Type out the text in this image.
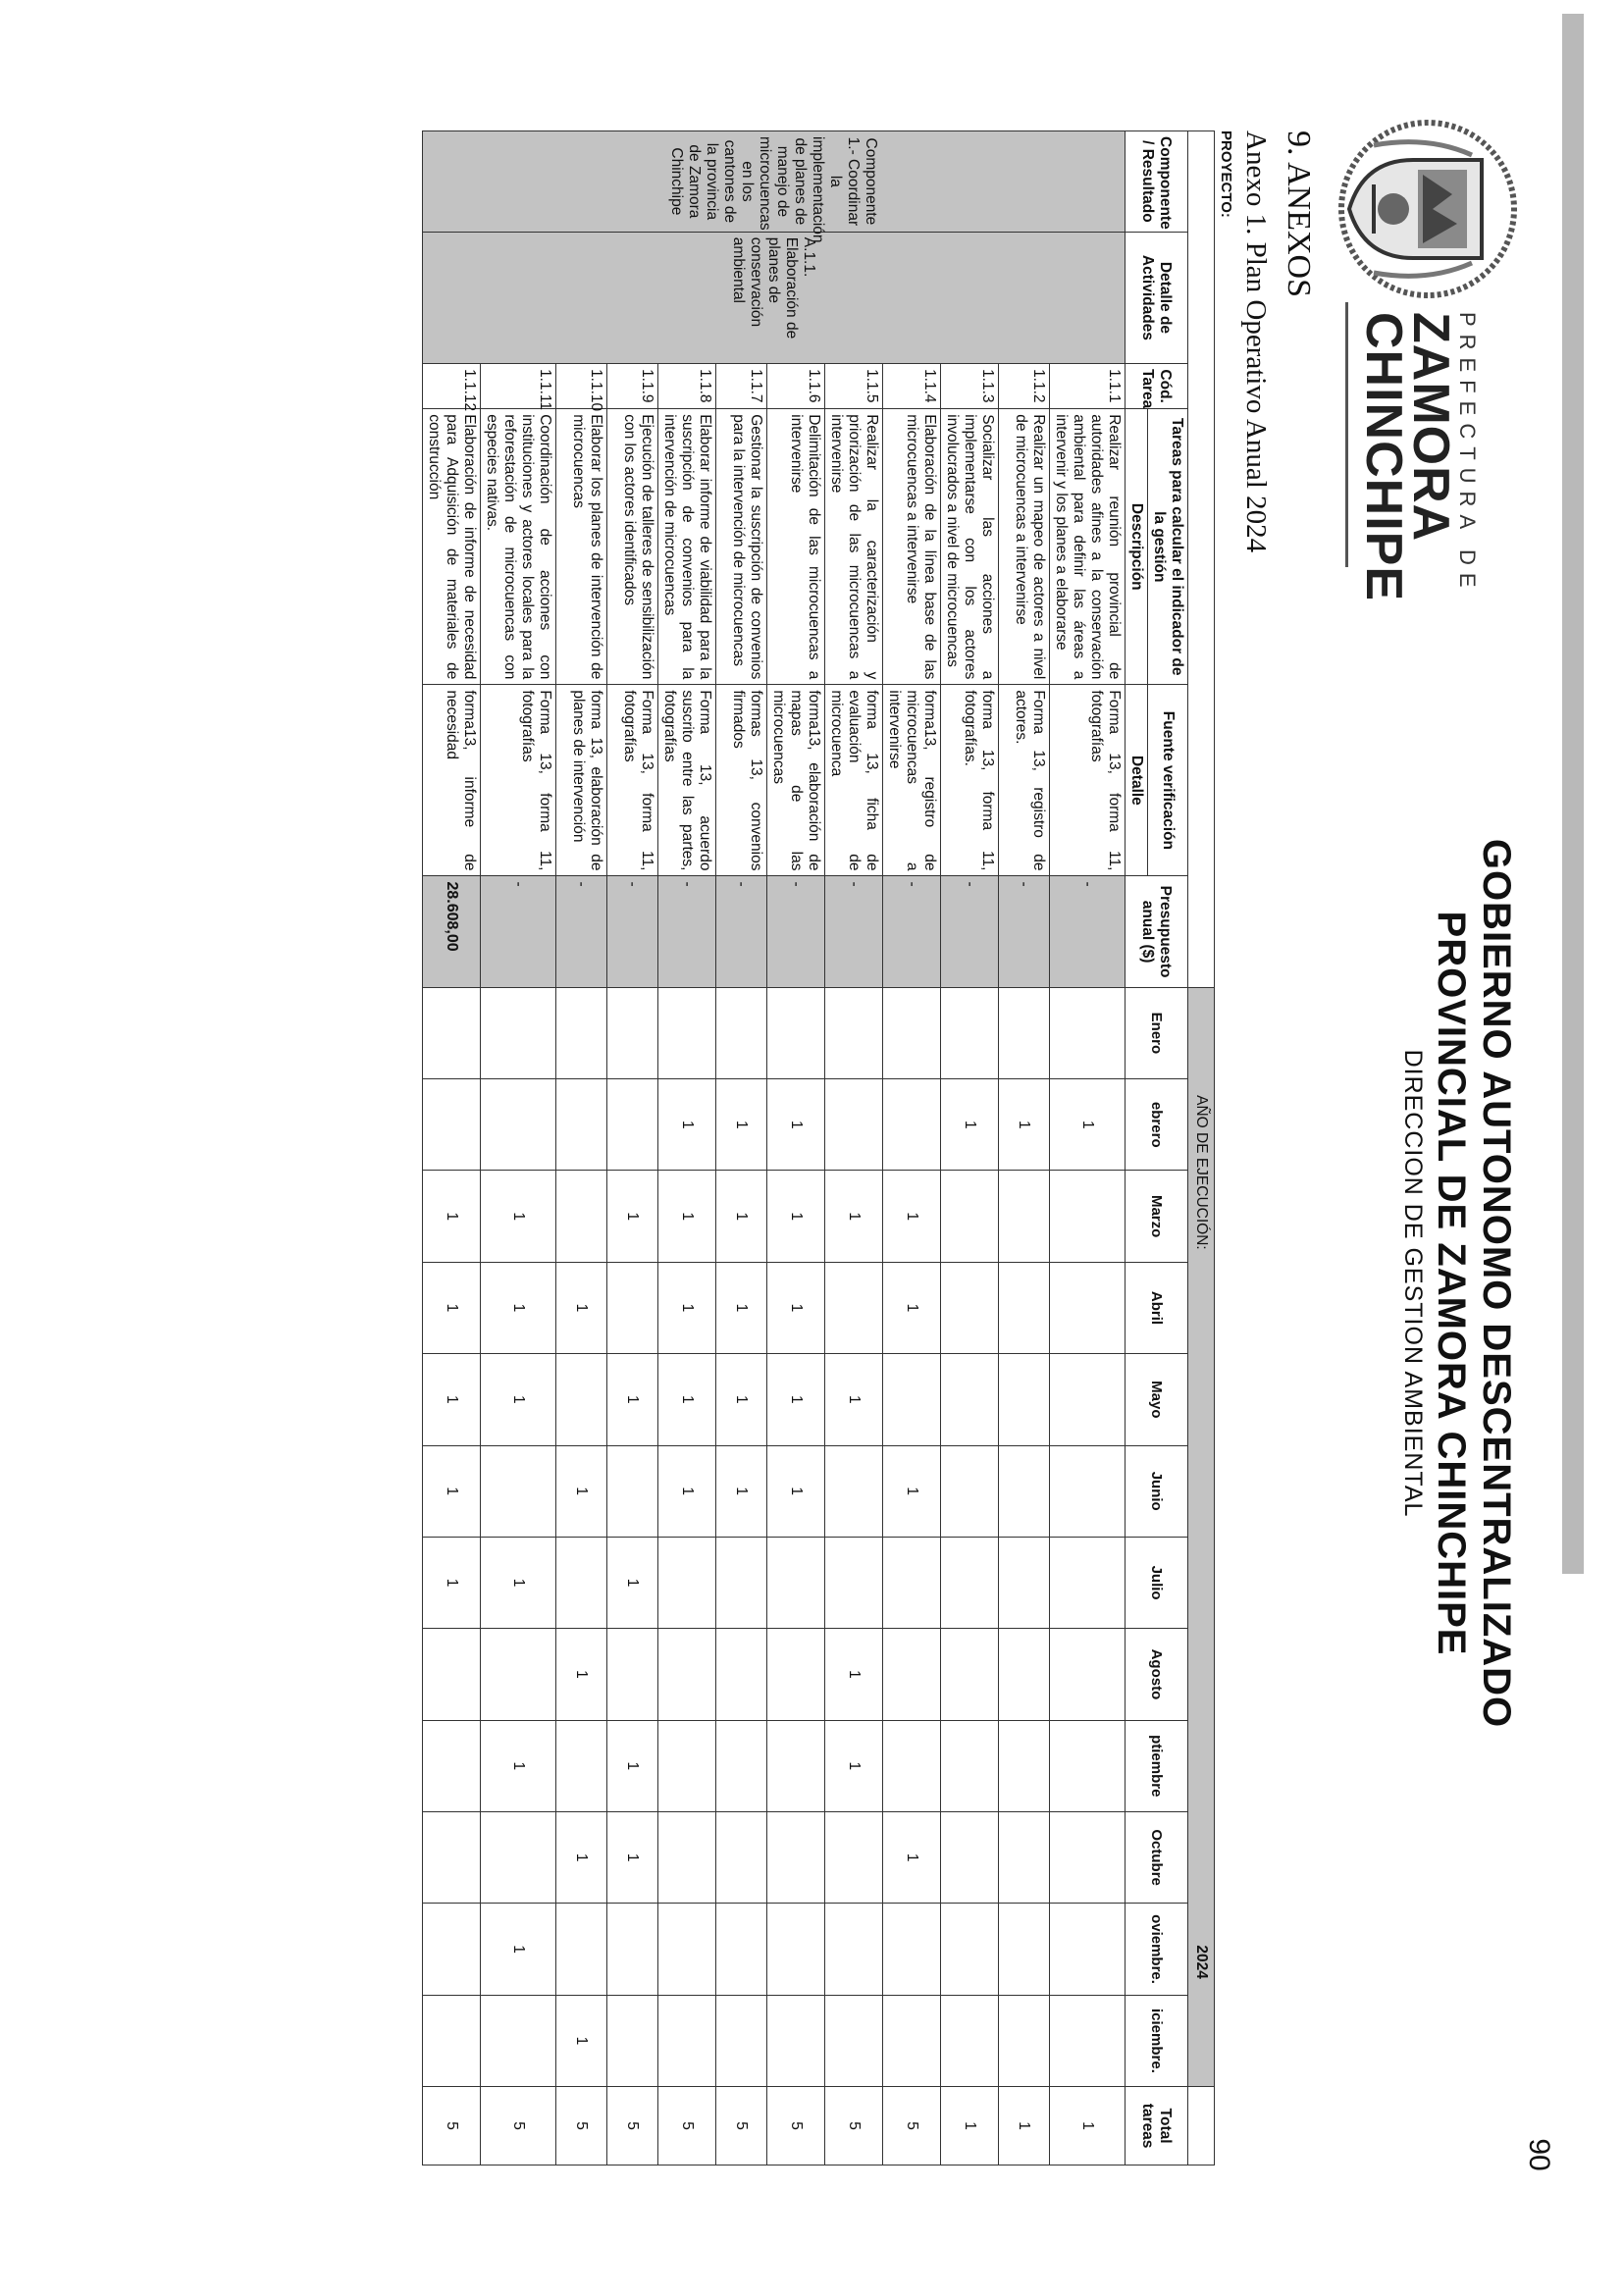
90
PREFECTURA DE
ZAMORA
CHINCHIPE
GOBIERNO AUTONOMO DESCENTRALIZADO
PROVINCIAL DE ZAMORA CHINCHIPE
DIRECCION DE GESTION AMBIENTAL
9. ANEXOS
Anexo 1. Plan Operativo Anual 2024
PROYECTO:
						AÑO DE EJECUCIÓN:  2024												
Componente / Resultado	Detalle de Actividades	Cód. Tarea	Tareas para calcular el indicador de la gestión	Fuente verificación	Presupuesto anual ($)	Enero	ebrero	Marzo	Abril	Mayo	Junio	Julio	Agosto	ptiembre	Octubre	oviembre.	iciembre.	Total tareas
			Descripción	Detalle														
Componente 1.- Coordinar la implementación de planes de manejo de microcuencas en los cantones de la provincia de Zamora Chinchipe	A.1.1. Elaboración de planes de conservación ambiental	1.1.1	Realizar reunión provincial de autoridades afines a la conservación ambiental para definir las áreas a intervenir y los planes a elaborarse	Forma 13, forma 11, fotografías	-		1											1
		1.1.2	Realizar un mapeo de actores a nivel de microcuencas a intervenirse	Forma 13, registro de actores.	-		1											1
		1.1.3	Socializar las acciones a implementarse con los actores involucrados a nivel de microcuencas	forma 13, forma 11, fotografías.	-		1											1
		1.1.4	Elaboración de la línea base de las microcuencas a intervenirse	forma13, registro de microcuencas a intervenirse	-			1	1		1				1			5
		1.1.5	Realizar la caracterización y priorización de las microcuencas a intervenirse	forma 13, ficha de evaluación de microcuenca	-			1		1			1	1				5
		1.1.6	Delimitación de las microcuencas a intervenirse	forma13, elaboración de mapas de las microcuencas	-		1	1	1	1	1							5
		1.1.7	Gestionar la suscripción de convenios para la intervención de microcuencas	formas 13, convenios firmados	-		1	1	1	1	1							5
		1.1.8	Elaborar informe de viabilidad para la suscripción de convenios para la intervención de microcuencas	Forma 13, acuerdo suscrito entre las partes, fotografías	-		1	1	1	1	1							5
		1.1.9	Ejecución de talleres de sensibilización con los actores identificados	Forma 13, forma 11, fotografías	-			1		1		1		1	1			5
		1.1.10	Elaborar los planes de intervención de microcuencas	forma 13, elaboración de planes de intervención	-				1		1		1		1		1	5
		1.1.11	Coordinación de acciones con instituciones y actores locales para la reforestación de microcuencas con especies nativas.	Forma 13, forma 11, fotografías	-			1	1	1		1		1		1		5
		1.1.12	Elaboración de informe de necesidad para Adquisición de materiales de construcción	forma13, informe de necesidad	28.608,00			1	1	1	1	1						5
